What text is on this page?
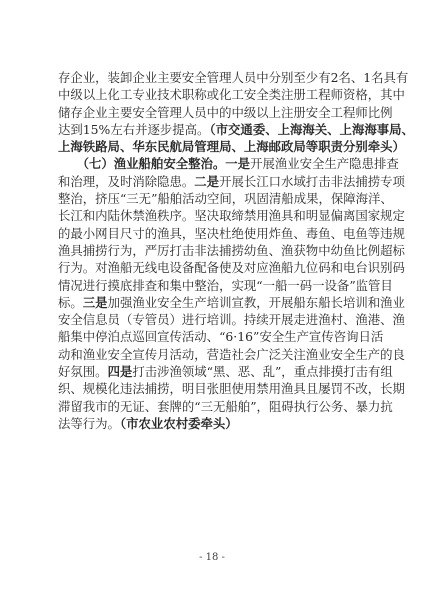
存企业，装卸企业主要安全管理人员中分别至少有2名、1名具有
中级以上化工专业技术职称或化工安全类注册工程师资格，其中
储存企业主要安全管理人员中的中级以上注册安全工程师比例
达到15%左右并逐步提高。（市交通委、上海海关、上海海事局、
上海铁路局、华东民航局管理局、上海邮政局等职责分别牵头）
　　（七）渔业船舶安全整治。一是开展渔业安全生产隐患排查
和治理，及时消除隐患。二是开展长江口水域打击非法捕捞专项
整治，挤压“三无”船舶活动空间，巩固清船成果，保障海洋、
长江和内陆休禁渔秩序。坚决取缔禁用渔具和明显偏离国家规定
的最小网目尺寸的渔具，坚决杜绝使用炸鱼、毒鱼、电鱼等违规
渔具捕捞行为，严厉打击非法捕捞幼鱼、渔获物中幼鱼比例超标
行为。对渔船无线电设备配备使及对应渔船九位码和电台识别码
情况进行摸底排查和集中整治，实现“一船一码一设备”监管目
标。三是加强渔业安全生产培训宣教，开展船东船长培训和渔业
安全信息员（专管员）进行培训。持续开展走进渔村、渔港、渔
船集中停泊点巡回宣传活动、“6·16”安全生产宣传咨询日活
动和渔业安全宣传月活动，营造社会广泛关注渔业安全生产的良
好氛围。四是打击涉渔领域“黑、恶、乱”，重点排摸打击有组
织、规模化违法捕捞，明目张胆使用禁用渔具且屡罚不改，长期
滞留我市的无证、套牌的“三无船舶”，阻碍执行公务、暴力抗
法等行为。（市农业农村委牵头）
- 18 -
